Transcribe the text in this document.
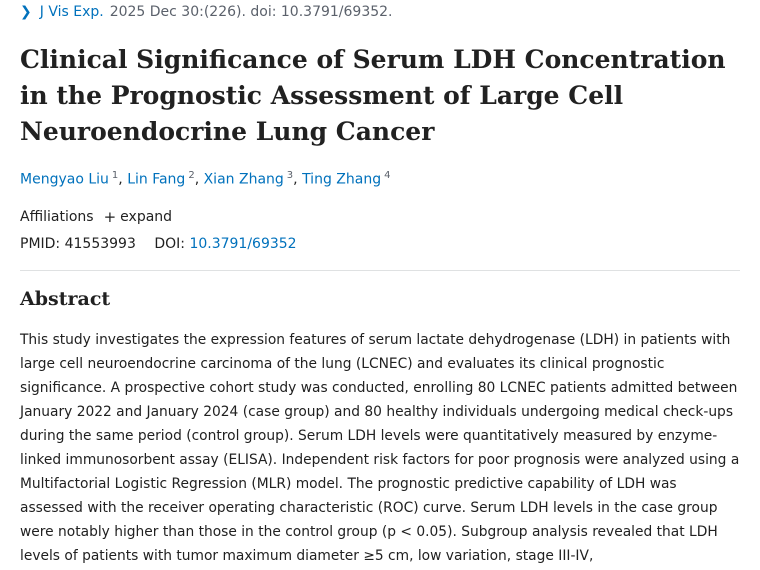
❯ J Vis Exp. 2025 Dec 30:(226). doi: 10.3791/69352.
Clinical Significance of Serum LDH Concentration in the Prognostic Assessment of Large Cell Neuroendocrine Lung Cancer
Mengyao Liu $^1$, Lin Fang $^2$, Xian Zhang $^3$, Ting Zhang $^4$
Affiliations + expand
PMID: 41553993 DOI: 10.3791/69352
Abstract

This study investigates the expression features of serum lactate dehydrogenase (LDH) in patients with large cell neuroendocrine carcinoma of the lung (LCNEC) and evaluates its clinical prognostic significance. A prospective cohort study was conducted, enrolling 80 LCNEC patients admitted between January 2022 and January 2024 (case group) and 80 healthy individuals undergoing medical check-ups during the same period (control group). Serum LDH levels were quantitatively measured by enzyme-linked immunosorbent assay (ELISA). Independent risk factors for poor prognosis were analyzed using a Multifactorial Logistic Regression (MLR) model. The prognostic predictive capability of LDH was assessed with the receiver operating characteristic (ROC) curve. Serum LDH levels in the case group were notably higher than those in the control group (p < 0.05). Subgroup analysis revealed that LDH levels of patients with tumor maximum diameter ≥5 cm, low variation, stage III-IV,
